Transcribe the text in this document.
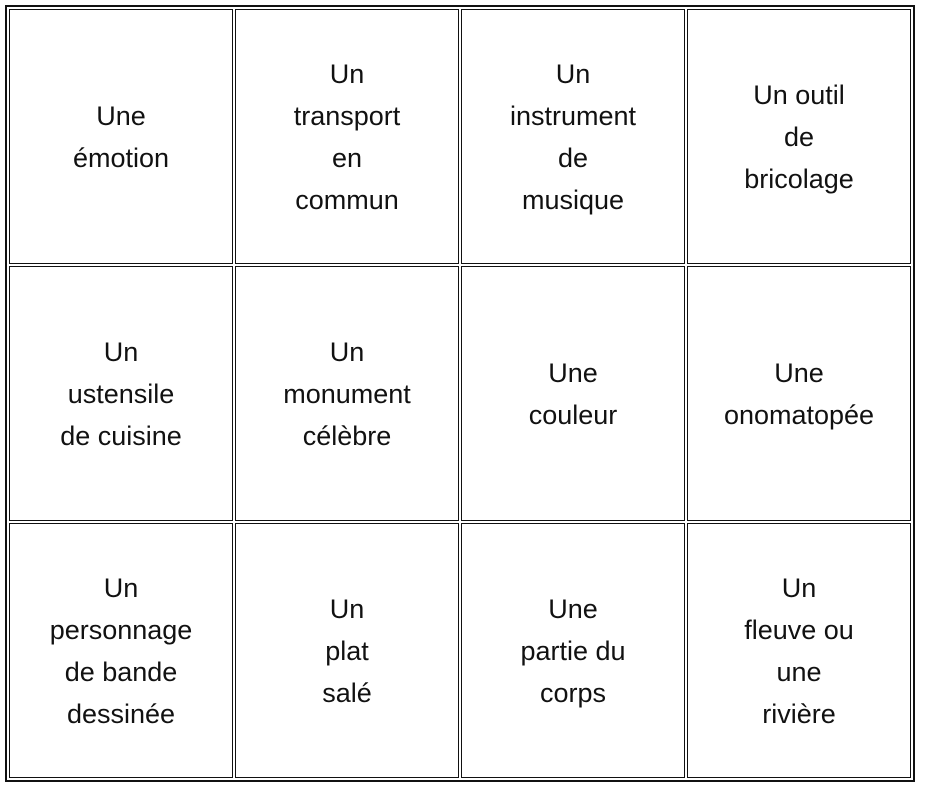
Une
émotion	Un
transport
en
commun	Un
instrument
de
musique	Un outil
de
bricolage

Un
ustensile
de cuisine	Un
monument
célèbre	Une
couleur	Une
onomatopée

Un
personnage
de bande
dessinée	Un
plat
salé	Une
partie du
corps	Un
fleuve ou
une
rivière
